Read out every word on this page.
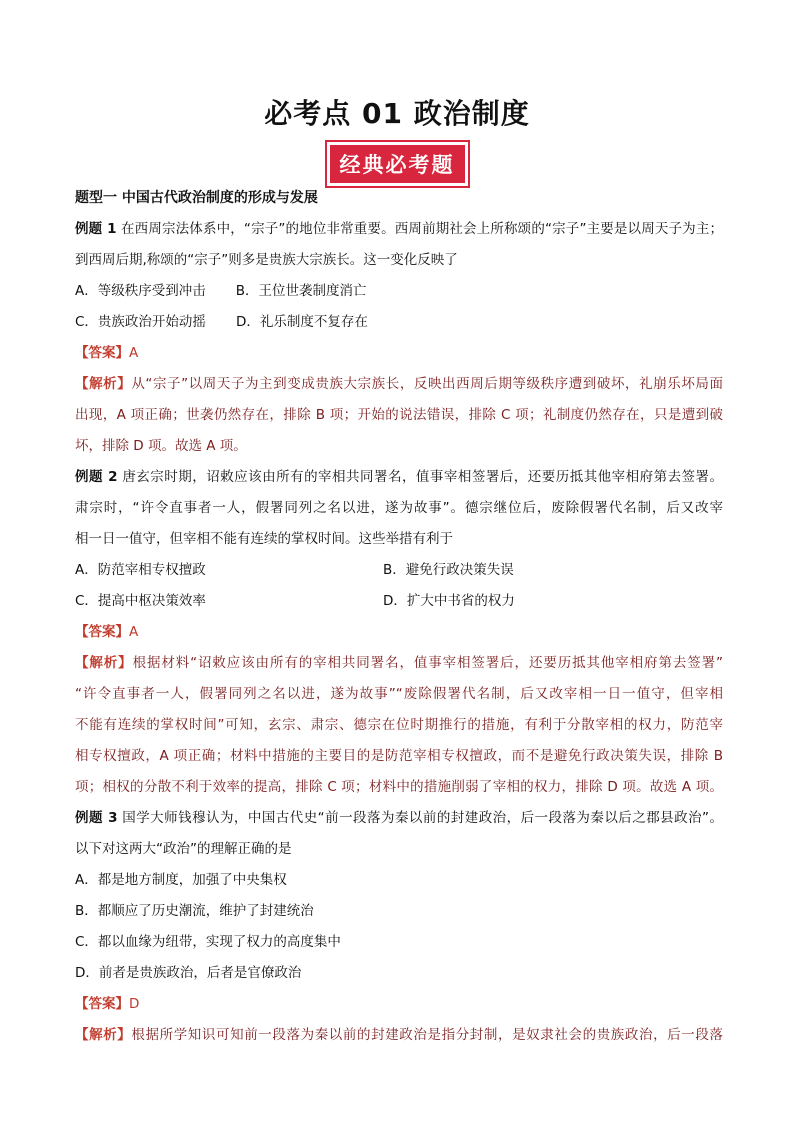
必考点 01 政治制度
经典必考题
题型一 中国古代政治制度的形成与发展
例题 1 在西周宗法体系中，“宗子”的地位非常重要。西周前期社会上所称颂的“宗子”主要是以周天子为主；
到西周后期,称颂的“宗子”则多是贵族大宗族长。这一变化反映了
A．等级秩序受到冲击 B．王位世袭制度消亡
C．贵族政治开始动摇 D．礼乐制度不复存在
【答案】A
【解析】从“宗子”以周天子为主到变成贵族大宗族长，反映出西周后期等级秩序遭到破坏，礼崩乐坏局面
出现，A 项正确；世袭仍然存在，排除 B 项；开始的说法错误，排除 C 项；礼制度仍然存在，只是遭到破
坏，排除 D 项。故选 A 项。
例题 2 唐玄宗时期，诏敕应该由所有的宰相共同署名，值事宰相签署后，还要历抵其他宰相府第去签署。
肃宗时，“许令直事者一人，假署同列之名以进，遂为故事”。德宗继位后，废除假署代名制，后又改宰
相一日一值守，但宰相不能有连续的掌权时间。这些举措有利于
A．防范宰相专权擅政	B．避免行政决策失误
C．提高中枢决策效率	D．扩大中书省的权力
【答案】A
【解析】根据材料“诏敕应该由所有的宰相共同署名，值事宰相签署后，还要历抵其他宰相府第去签署”
“许令直事者一人，假署同列之名以进，遂为故事”“废除假署代名制，后又改宰相一日一值守，但宰相
不能有连续的掌权时间”可知，玄宗、肃宗、德宗在位时期推行的措施，有利于分散宰相的权力，防范宰
相专权擅政，A 项正确；材料中措施的主要目的是防范宰相专权擅政，而不是避免行政决策失误，排除 B
项；相权的分散不利于效率的提高，排除 C 项；材料中的措施削弱了宰相的权力，排除 D 项。故选 A 项。
例题 3 国学大师钱穆认为，中国古代史“前一段落为秦以前的封建政治，后一段落为秦以后之郡县政治”。
以下对这两大“政治”的理解正确的是
A．都是地方制度，加强了中央集权
B．都顺应了历史潮流，维护了封建统治
C．都以血缘为纽带，实现了权力的高度集中
D．前者是贵族政治，后者是官僚政治
【答案】D
【解析】根据所学知识可知前一段落为秦以前的封建政治是指分封制，是奴隶社会的贵族政治，后一段落
